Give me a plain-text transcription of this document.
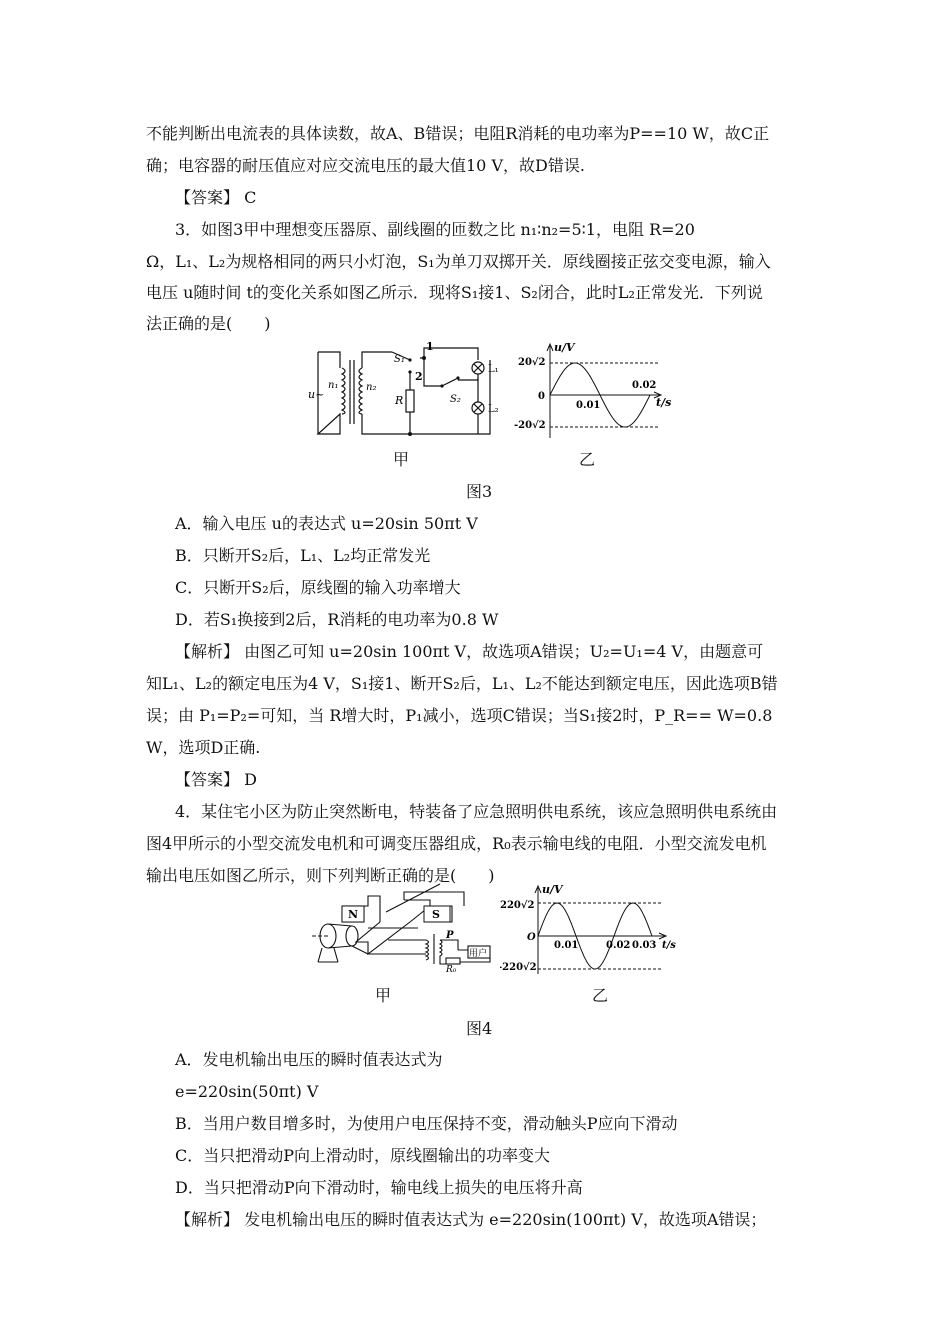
不能判断出电流表的具体读数，故A、B错误；电阻R消耗的电功率为P==10 W，故C正
确；电容器的耐压值应对应交流电压的最大值10 V，故D错误.
【答案】 C
3．如图3甲中理想变压器原、副线圈的匝数之比 n₁∶n₂=5∶1，电阻 R=20
Ω，L₁、L₂为规格相同的两只小灯泡，S₁为单刀双掷开关．原线圈接正弦交变电源，输入
电压 u随时间 t的变化关系如图乙所示．现将S₁接1、S₂闭合，此时L₂正常发光．下列说
法正确的是(　　)
u~
n₁	n₂
S₁
1
2
R	S₂
L₁
L₂
u/V
t/s
20√2
-20√2
0
0.01
0.02
甲	乙
图3
A．输入电压 u的表达式 u=20sin 50πt V
B．只断开S₂后，L₁、L₂均正常发光
C．只断开S₂后，原线圈的输入功率增大
D．若S₁换接到2后，R消耗的电功率为0.8 W
【解析】 由图乙可知 u=20sin 100πt V，故选项A错误；U₂=U₁=4 V，由题意可
知L₁、L₂的额定电压为4 V，S₁接1、断开S₂后，L₁、L₂不能达到额定电压，因此选项B错
误；由 P₁=P₂=可知，当 R增大时，P₁减小，选项C错误；当S₁接2时，P_R== W=0.8
W，选项D正确.
【答案】 D
4．某住宅小区为防止突然断电，特装备了应急照明供电系统，该应急照明供电系统由
图4甲所示的小型交流发电机和可调变压器组成，R₀表示输电线的电阻．小型交流发电机
输出电压如图乙所示，则下列判断正确的是(　　)
N	S
P
R₀
用户
u/V
t/s
220√2
-220√2
O
0.01	0.02 0.03
甲	乙
图4
A．发电机输出电压的瞬时值表达式为
e=220sin(50πt) V
B．当用户数目增多时，为使用户电压保持不变，滑动触头P应向下滑动
C．当只把滑动P向上滑动时，原线圈输出的功率变大
D．当只把滑动P向下滑动时，输电线上损失的电压将升高
【解析】 发电机输出电压的瞬时值表达式为 e=220sin(100πt) V，故选项A错误；
